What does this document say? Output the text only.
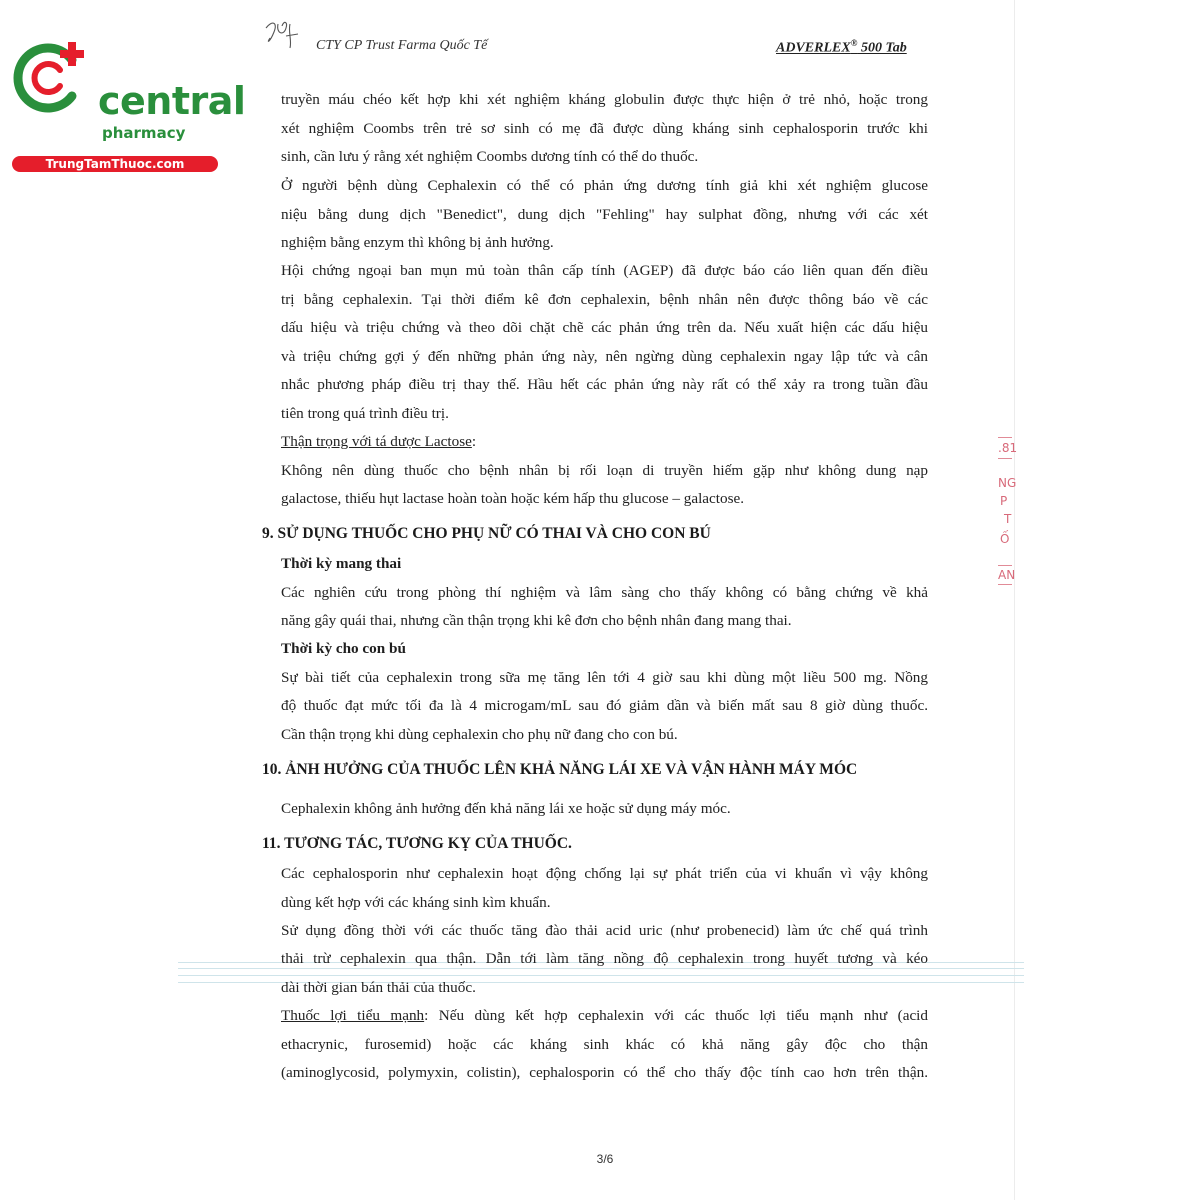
central
pharmacy
TrungTamThuoc.com
CTY CP Trust Farma Quốc Tế	ADVERLEX® 500 Tab
.81
NG
P
T
Ố
AN
truyền máu chéo kết hợp khi xét nghiệm kháng globulin được thực hiện ở trẻ nhỏ, hoặc trong
xét nghiệm Coombs trên trẻ sơ sinh có mẹ đã được dùng kháng sinh cephalosporin trước khi
sinh, cần lưu ý rằng xét nghiệm Coombs dương tính có thể do thuốc.
Ở người bệnh dùng Cephalexin có thể có phản ứng dương tính giả khi xét nghiệm glucose
niệu bằng dung dịch "Benedict", dung dịch "Fehling" hay sulphat đồng, nhưng với các xét
nghiệm bằng enzym thì không bị ảnh hưởng.
Hội chứng ngoại ban mụn mủ toàn thân cấp tính (AGEP) đã được báo cáo liên quan đến điều
trị bằng cephalexin. Tại thời điểm kê đơn cephalexin, bệnh nhân nên được thông báo về các
dấu hiệu và triệu chứng và theo dõi chặt chẽ các phản ứng trên da. Nếu xuất hiện các dấu hiệu
và triệu chứng gợi ý đến những phản ứng này, nên ngừng dùng cephalexin ngay lập tức và cân
nhắc phương pháp điều trị thay thế. Hầu hết các phản ứng này rất có thể xảy ra trong tuần đầu
tiên trong quá trình điều trị.
Thận trọng với tá dược Lactose:
Không nên dùng thuốc cho bệnh nhân bị rối loạn di truyền hiếm gặp như không dung nạp
galactose, thiếu hụt lactase hoàn toàn hoặc kém hấp thu glucose – galactose.
9. SỬ DỤNG THUỐC CHO PHỤ NỮ CÓ THAI VÀ CHO CON BÚ
Thời kỳ mang thai
Các nghiên cứu trong phòng thí nghiệm và lâm sàng cho thấy không có bằng chứng về khả
năng gây quái thai, nhưng cần thận trọng khi kê đơn cho bệnh nhân đang mang thai.
Thời kỳ cho con bú
Sự bài tiết của cephalexin trong sữa mẹ tăng lên tới 4 giờ sau khi dùng một liều 500 mg. Nồng
độ thuốc đạt mức tối đa là 4 microgam/mL sau đó giảm dần và biến mất sau 8 giờ dùng thuốc.
Cần thận trọng khi dùng cephalexin cho phụ nữ đang cho con bú.
10. ẢNH HƯỞNG CỦA THUỐC LÊN KHẢ NĂNG LÁI XE VÀ VẬN HÀNH MÁY MÓC
Cephalexin không ảnh hưởng đến khả năng lái xe hoặc sử dụng máy móc.
11. TƯƠNG TÁC, TƯƠNG KỴ CỦA THUỐC.
Các cephalosporin như cephalexin hoạt động chống lại sự phát triển của vi khuẩn vì vậy không
dùng kết hợp với các kháng sinh kìm khuẩn.
Sử dụng đồng thời với các thuốc tăng đào thải acid uric (như probenecid) làm ức chế quá trình
thải trừ cephalexin qua thận. Dẫn tới làm tăng nồng độ cephalexin trong huyết tương và kéo
dài thời gian bán thải của thuốc.
Thuốc lợi tiểu mạnh: Nếu dùng kết hợp cephalexin với các thuốc lợi tiểu mạnh như (acid
ethacrynic, furosemid) hoặc các kháng sinh khác có khả năng gây độc cho thận
(aminoglycosid, polymyxin, colistin), cephalosporin có thể cho thấy độc tính cao hơn trên thận.
3/6
